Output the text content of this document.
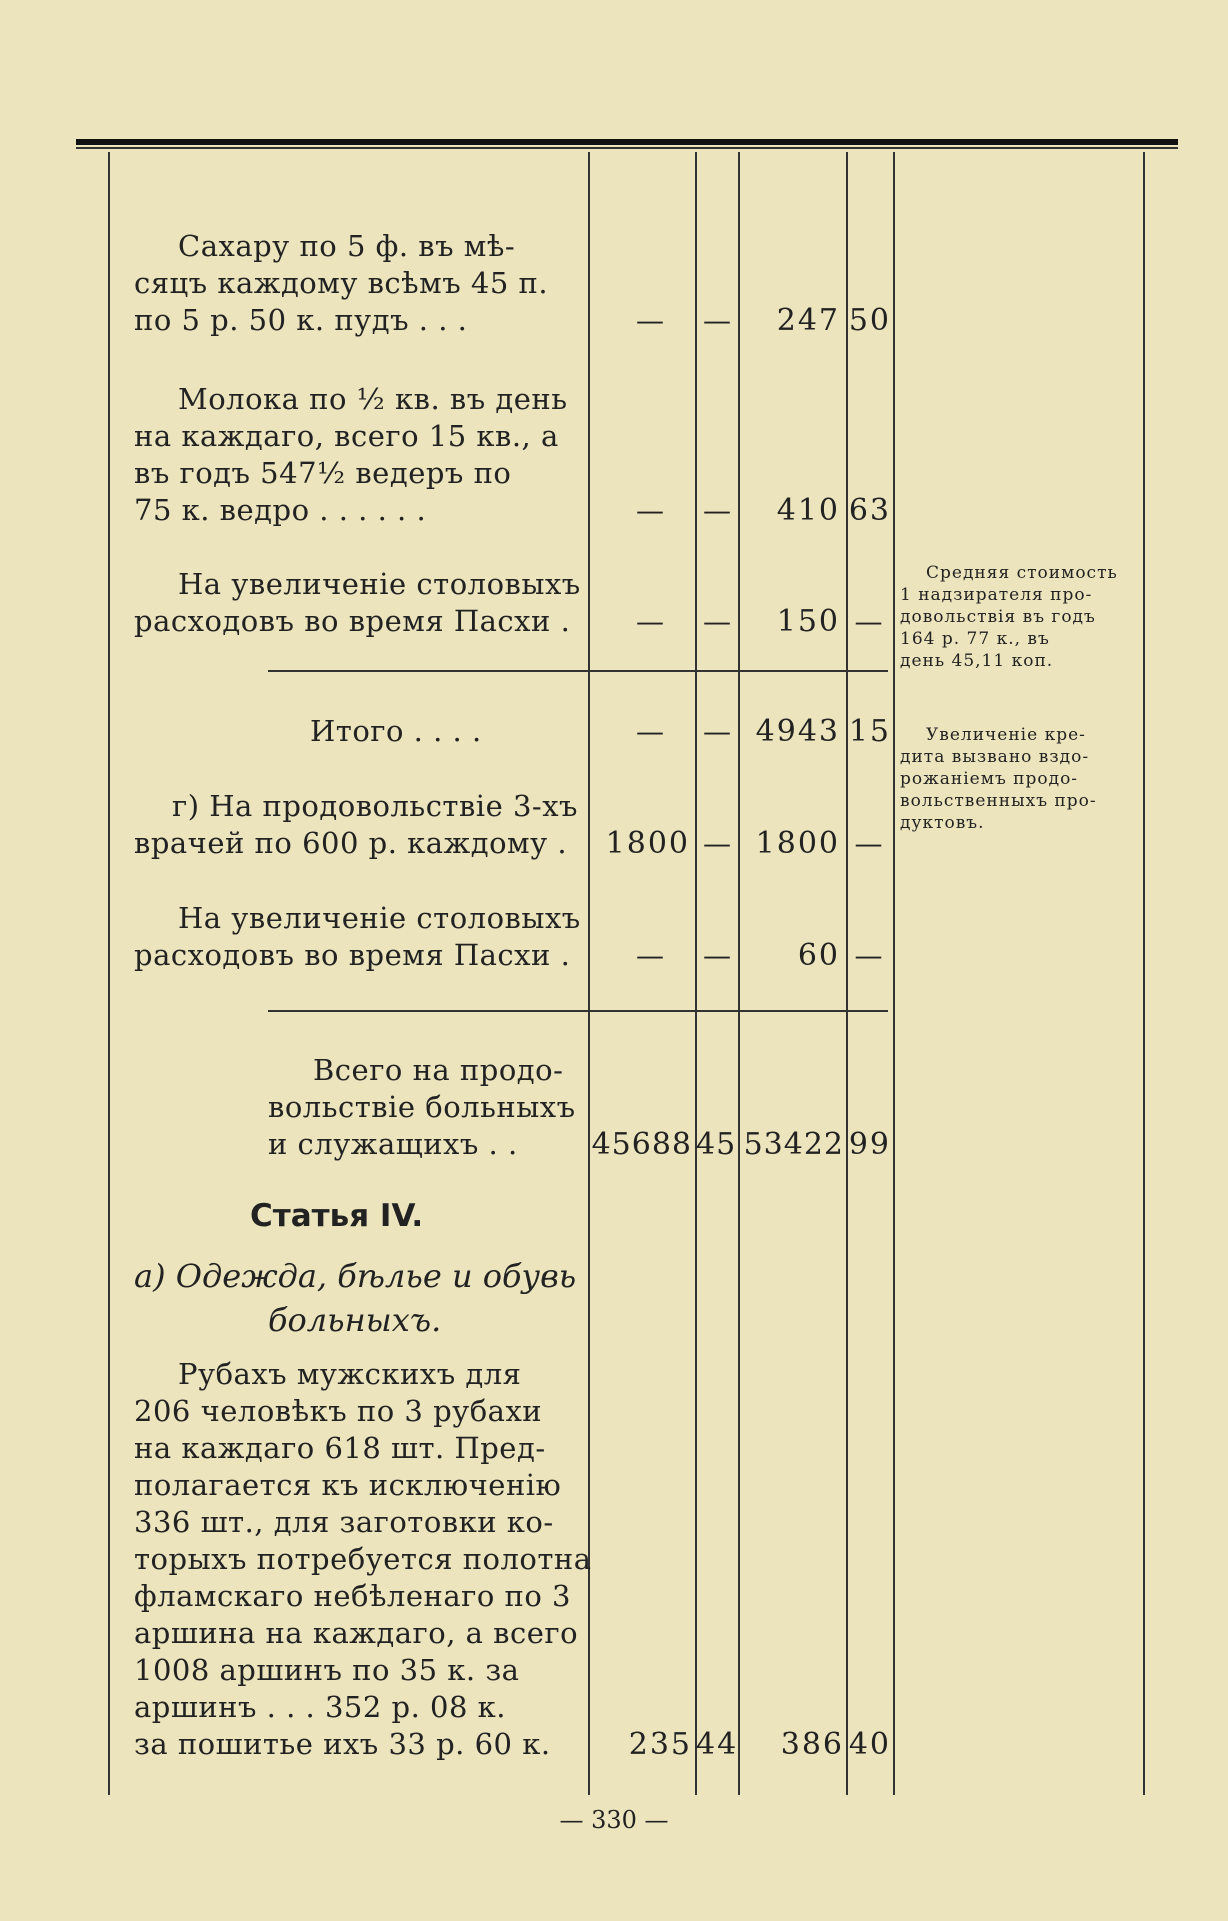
Сахару по 5 ф. въ мѣ-
сяцъ каждому всѣмъ 45 п.
по 5 р. 50 к. пудъ . . .	—	—	247 50
Молока по ½ кв. въ день
на каждаго, всего 15 кв., а
въ годъ 547½ ведеръ по
75 к. ведро . . . . . .	—	—	410 63
На увеличеніе столовыхъ
расходовъ во время Пасхи .	—	—	150 —
Итого . . . .	—	— 4943 15
г) На продовольствіе 3-хъ
врачей по 600 р. каждому .	1800 — 1800 —
На увеличеніе столовыхъ
расходовъ во время Пасхи .	—	—	60 —
Всего на продо-
вольствіе больныхъ
и служащихъ . . 45688 45 53422 99
Статья IV.
а) Одежда, бѣлье и обувь
больныхъ.
Рубахъ мужскихъ для
206 человѣкъ по 3 рубахи
на каждаго 618 шт. Пред-
полагается къ исключенію
336 шт., для заготовки ко-
торыхъ потребуется полотна
фламскаго небѣленаго по 3
аршина на каждаго, а всего
1008 аршинъ по 35 к. за
аршинъ . . . 352 р. 08 к.
за пошитье ихъ 33 р. 60 к.	235 44	386 40
Средняя стоимость
1 надзирателя про-
довольствія въ годъ
164 р. 77 к., въ
день 45,11 коп.
Увеличеніе кре-
дита вызвано вздо-
рожаніемъ продо-
вольственныхъ про-
дуктовъ.
— 330 —
